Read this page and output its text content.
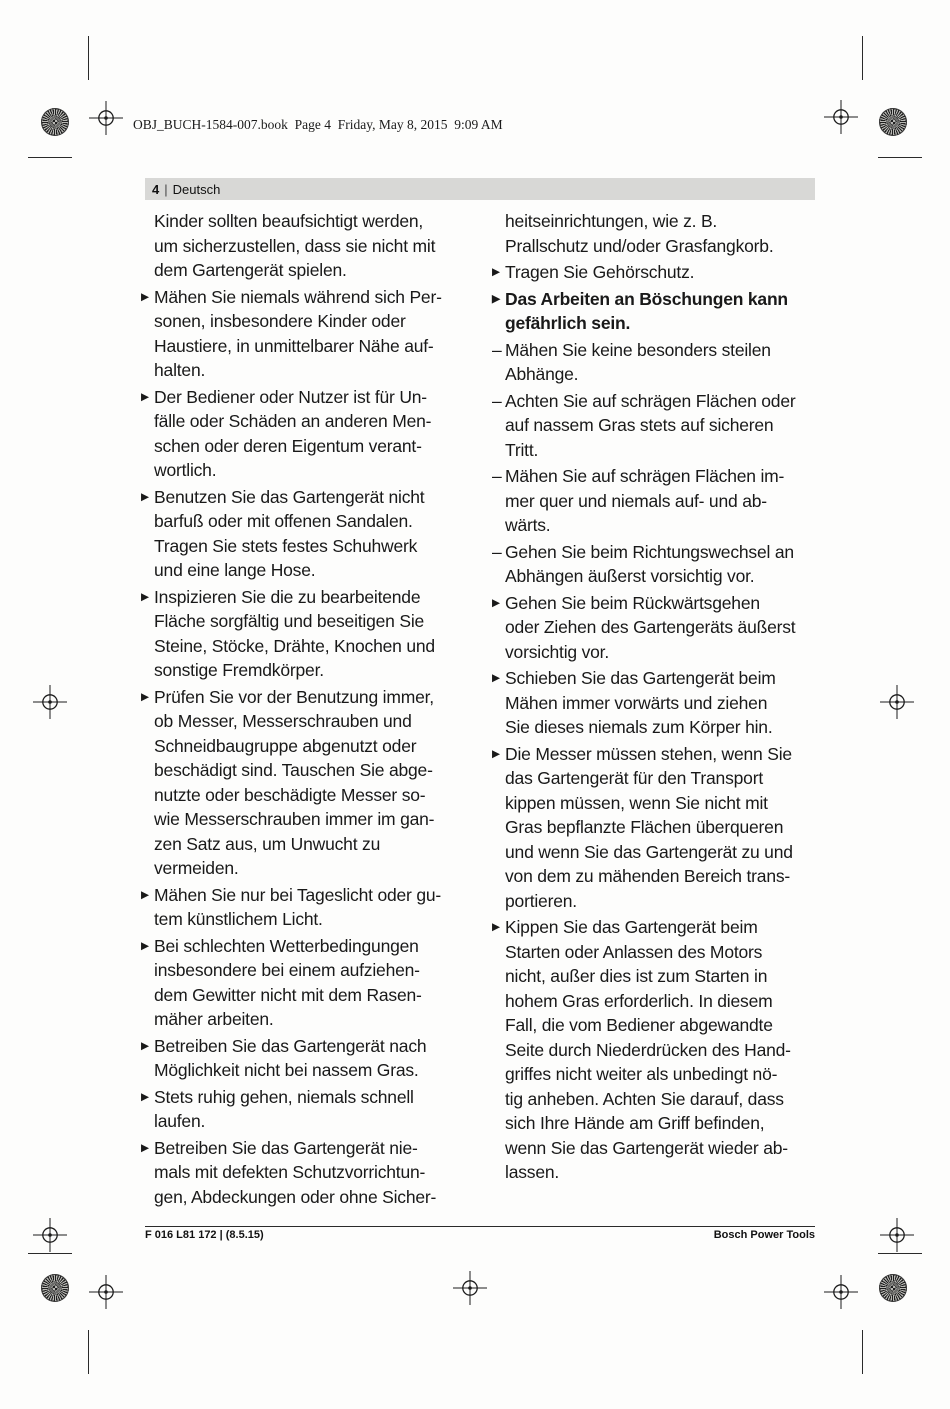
OBJ_BUCH-1584-007.book  Page 4  Friday, May 8, 2015  9:09 AM
4 | Deutsch
Kinder sollten beaufsichtigt werden,
um sicherzustellen, dass sie nicht mit
dem Gartengerät spielen.
▶ Mähen Sie niemals während sich Per-
sonen, insbesondere Kinder oder
Haustiere, in unmittelbarer Nähe auf-
halten.
▶ Der Bediener oder Nutzer ist für Un-
fälle oder Schäden an anderen Men-
schen oder deren Eigentum verant-
wortlich.
▶ Benutzen Sie das Gartengerät nicht
barfuß oder mit offenen Sandalen.
Tragen Sie stets festes Schuhwerk
und eine lange Hose.
▶ Inspizieren Sie die zu bearbeitende
Fläche sorgfältig und beseitigen Sie
Steine, Stöcke, Drähte, Knochen und
sonstige Fremdkörper.
▶ Prüfen Sie vor der Benutzung immer,
ob Messer, Messerschrauben und
Schneidbaugruppe abgenutzt oder
beschädigt sind. Tauschen Sie abge-
nutzte oder beschädigte Messer so-
wie Messerschrauben immer im gan-
zen Satz aus, um Unwucht zu
vermeiden.
▶ Mähen Sie nur bei Tageslicht oder gu-
tem künstlichem Licht.
▶ Bei schlechten Wetterbedingungen
insbesondere bei einem aufziehen-
dem Gewitter nicht mit dem Rasen-
mäher arbeiten.
▶ Betreiben Sie das Gartengerät nach
Möglichkeit nicht bei nassem Gras.
▶ Stets ruhig gehen, niemals schnell
laufen.
▶ Betreiben Sie das Gartengerät nie-
mals mit defekten Schutzvorrichtun-
gen, Abdeckungen oder ohne Sicher-
heitseinrichtungen, wie z. B.
Prallschutz und/oder Grasfangkorb.
▶ Tragen Sie Gehörschutz.
▶ Das Arbeiten an Böschungen kann
gefährlich sein.
– Mähen Sie keine besonders steilen
Abhänge.
– Achten Sie auf schrägen Flächen oder
auf nassem Gras stets auf sicheren
Tritt.
– Mähen Sie auf schrägen Flächen im-
mer quer und niemals auf- und ab-
wärts.
– Gehen Sie beim Richtungswechsel an
Abhängen äußerst vorsichtig vor.
▶ Gehen Sie beim Rückwärtsgehen
oder Ziehen des Gartengeräts äußerst
vorsichtig vor.
▶ Schieben Sie das Gartengerät beim
Mähen immer vorwärts und ziehen
Sie dieses niemals zum Körper hin.
▶ Die Messer müssen stehen, wenn Sie
das Gartengerät für den Transport
kippen müssen, wenn Sie nicht mit
Gras bepflanzte Flächen überqueren
und wenn Sie das Gartengerät zu und
von dem zu mähenden Bereich trans-
portieren.
▶ Kippen Sie das Gartengerät beim
Starten oder Anlassen des Motors
nicht, außer dies ist zum Starten in
hohem Gras erforderlich. In diesem
Fall, die vom Bediener abgewandte
Seite durch Niederdrücken des Hand-
griffes nicht weiter als unbedingt nö-
tig anheben. Achten Sie darauf, dass
sich Ihre Hände am Griff befinden,
wenn Sie das Gartengerät wieder ab-
lassen.
F 016 L81 172 | (8.5.15)	Bosch Power Tools
